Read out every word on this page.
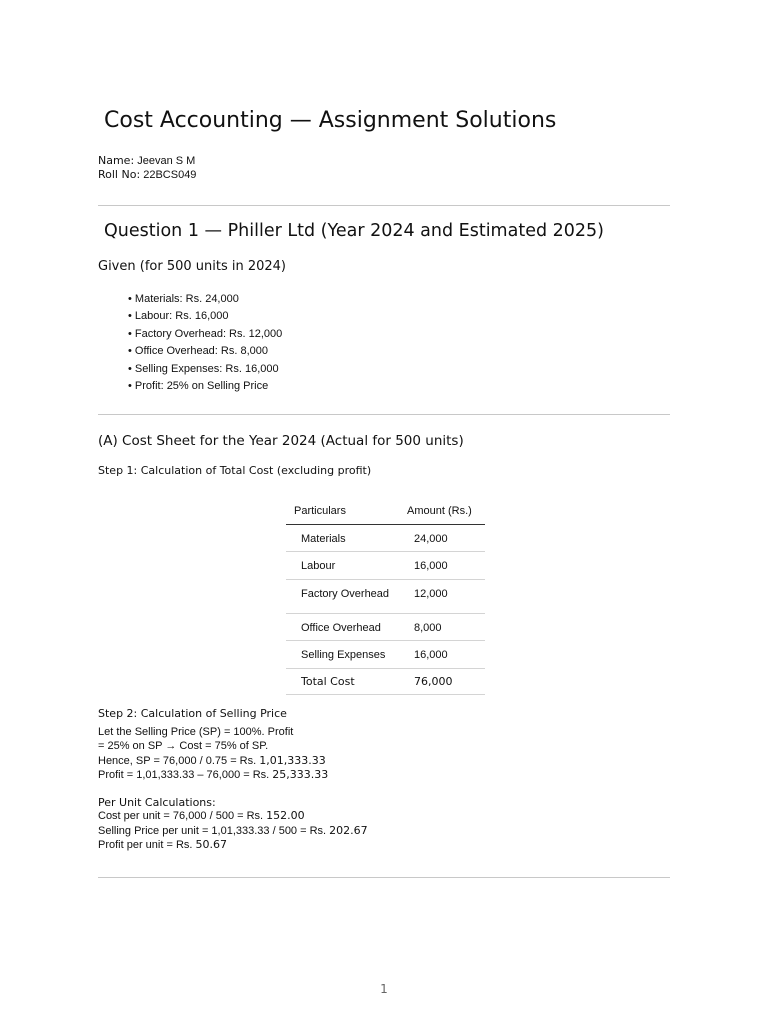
Cost Accounting — Assignment Solutions
Name: Jeevan S M
Roll No: 22BCS049
Question 1 — Philler Ltd (Year 2024 and Estimated 2025)
Given (for 500 units in 2024)
• Materials: Rs. 24,000
• Labour: Rs. 16,000
• Factory Overhead: Rs. 12,000
• Office Overhead: Rs. 8,000
• Selling Expenses: Rs. 16,000
• Profit: 25% on Selling Price
(A) Cost Sheet for the Year 2024 (Actual for 500 units)
Step 1: Calculation of Total Cost (excluding profit)
Particulars	Amount (Rs.)
Materials	24,000
Labour	16,000
Factory Overhead	12,000
Office Overhead	8,000
Selling Expenses	16,000
Total Cost	76,000
Step 2: Calculation of Selling Price
Let the Selling Price (SP) = 100%. Profit
= 25% on SP → Cost = 75% of SP.
Hence, SP = 76,000 / 0.75 = Rs. 1,01,333.33
Profit = 1,01,333.33 – 76,000 = Rs. 25,333.33
Per Unit Calculations:
Cost per unit = 76,000 / 500 = Rs. 152.00
Selling Price per unit = 1,01,333.33 / 500 = Rs. 202.67
Profit per unit = Rs. 50.67
1
